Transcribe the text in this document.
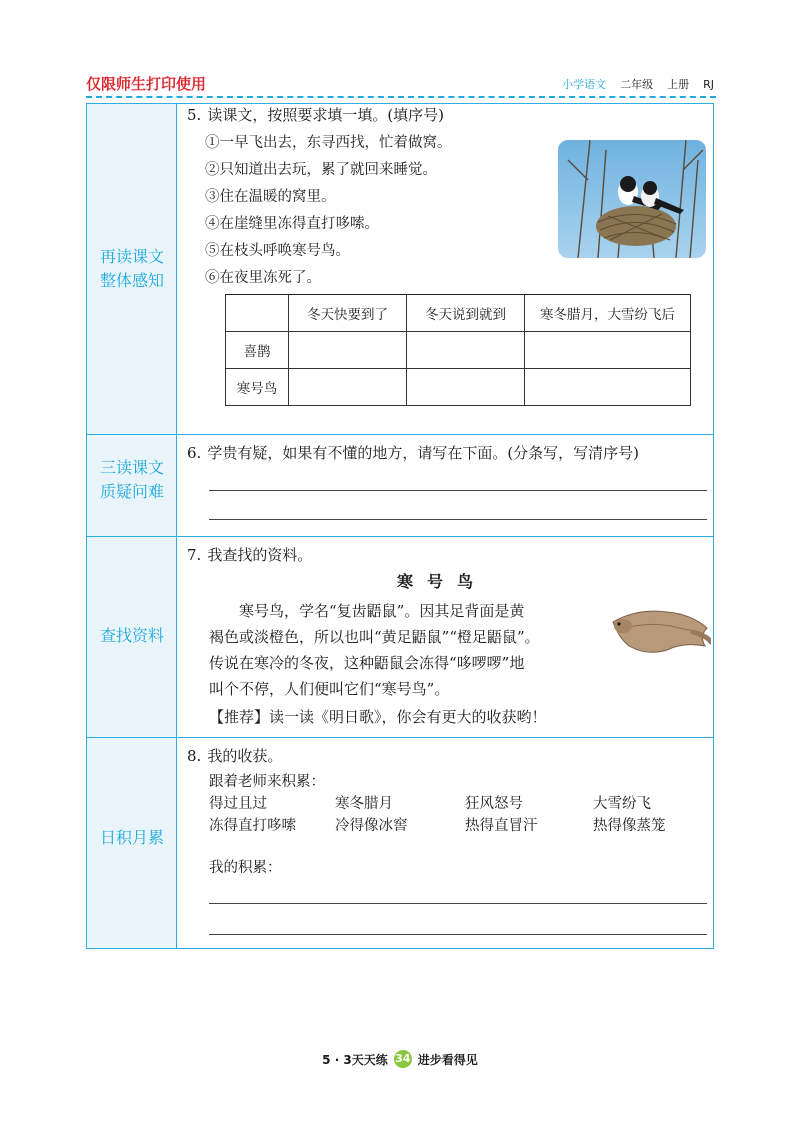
仅限师生打印使用	小学语文 二年级 上册 RJ
再读课文
整体感知
三读课文
质疑问难
查找资料
日积月累
5. 读课文，按照要求填一填。(填序号)
①一早飞出去，东寻西找，忙着做窝。
②只知道出去玩，累了就回来睡觉。
③住在温暖的窝里。
④在崖缝里冻得直打哆嗦。
⑤在枝头呼唤寒号鸟。
⑥在夜里冻死了。
	冬天快要到了	冬天说到就到	寒冬腊月，大雪纷飞后
喜鹊			
寒号鸟			
6. 学贵有疑，如果有不懂的地方，请写在下面。(分条写，写清序号)
7. 我查找的资料。
寒号鸟
寒号鸟，学名“复齿鼯鼠”。因其足背面是黄
褐色或淡橙色，所以也叫“黄足鼯鼠”“橙足鼯鼠”。
传说在寒冷的冬夜，这种鼯鼠会冻得“哆啰啰”地
叫个不停，人们便叫它们“寒号鸟”。
【推荐】读一读《明日歌》，你会有更大的收获哟！
8. 我的收获。
跟着老师来积累：
得过且过	寒冬腊月	狂风怒号	大雪纷飞
冻得直打哆嗦	冷得像冰窖	热得直冒汗	热得像蒸笼
我的积累：
5 · 3天天练 34 进步看得见
